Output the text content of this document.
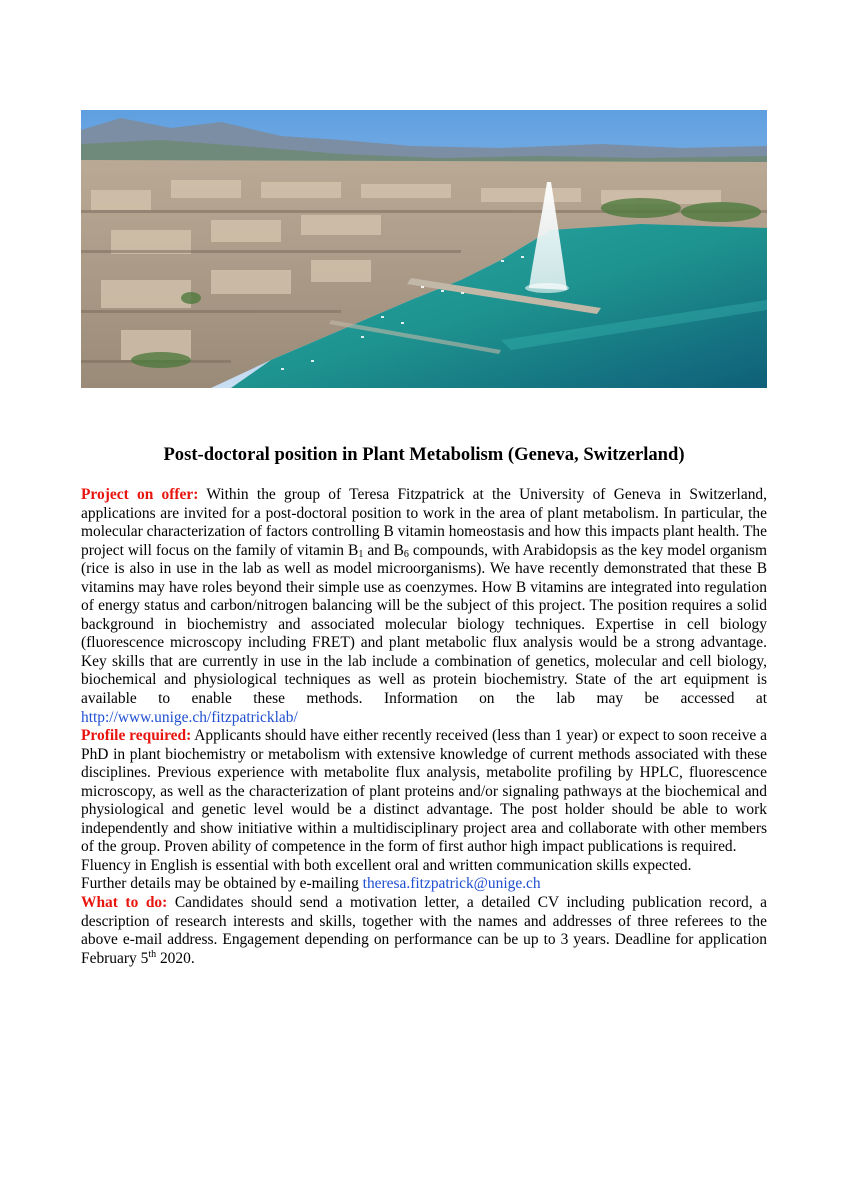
Post-doctoral position in Plant Metabolism (Geneva, Switzerland)

Project on offer: Within the group of Teresa Fitzpatrick at the University of Geneva in Switzerland, applications are invited for a post-doctoral position to work in the area of plant metabolism. In particular, the molecular characterization of factors controlling B vitamin homeostasis and how this impacts plant health. The project will focus on the family of vitamin $B_1$ and $B_6$ compounds, with Arabidopsis as the key model organism (rice is also in use in the lab as well as model microorganisms). We have recently demonstrated that these B vitamins may have roles beyond their simple use as coenzymes. How B vitamins are integrated into regulation of energy status and carbon/nitrogen balancing will be the subject of this project. The position requires a solid background in biochemistry and associated molecular biology techniques. Expertise in cell biology (fluorescence microscopy including FRET) and plant metabolic flux analysis would be a strong advantage. Key skills that are currently in use in the lab include a combination of genetics, molecular and cell biology, biochemical and physiological techniques as well as protein biochemistry. State of the art equipment is available to enable these methods. Information on the lab may be accessed at http://www.unige.ch/fitzpatricklab/

Profile required: Applicants should have either recently received (less than 1 year) or expect to soon receive a PhD in plant biochemistry or metabolism with extensive knowledge of current methods associated with these disciplines. Previous experience with metabolite flux analysis, metabolite profiling by HPLC, fluorescence microscopy, as well as the characterization of plant proteins and/or signaling pathways at the biochemical and physiological and genetic level would be a distinct advantage. The post holder should be able to work independently and show initiative within a multidisciplinary project area and collaborate with other members of the group. Proven ability of competence in the form of first author high impact publications is required.

Fluency in English is essential with both excellent oral and written communication skills expected.

Further details may be obtained by e-mailing theresa.fitzpatrick@unige.ch

What to do: Candidates should send a motivation letter, a detailed CV including publication record, a description of research interests and skills, together with the names and addresses of three referees to the above e-mail address. Engagement depending on performance can be up to 3 years. Deadline for application February 5th 2020.
